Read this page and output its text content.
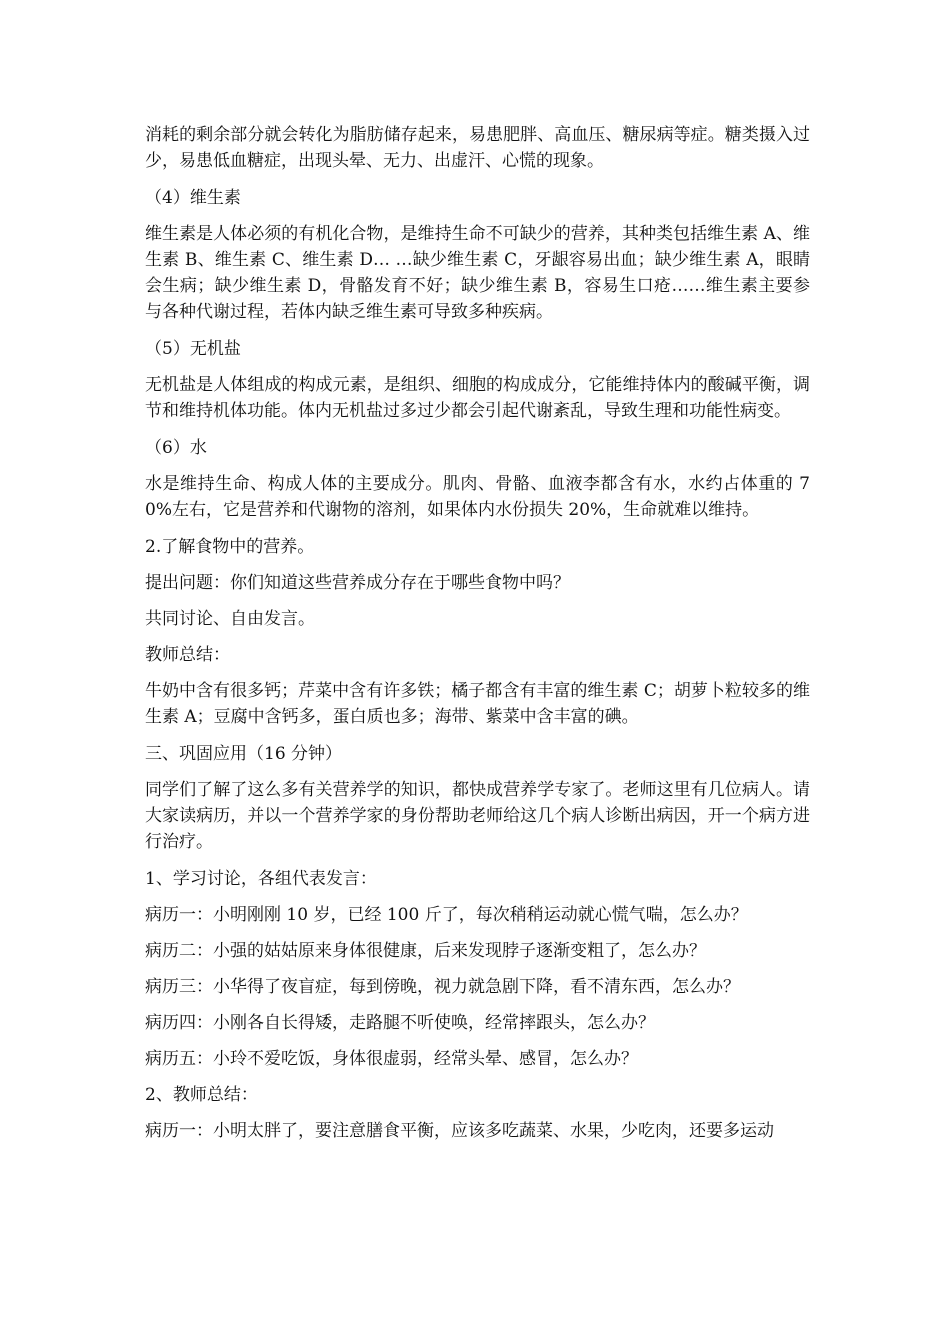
消耗的剩余部分就会转化为脂肪储存起来，易患肥胖、高血压、糖尿病等症。糖类摄入过少，易患低血糖症，出现头晕、无力、出虚汗、心慌的现象。

（4）维生素

维生素是人体必须的有机化合物，是维持生命不可缺少的营养，其种类包括维生素 A、维生素 B、维生素 C、维生素 D… …缺少维生素 C，牙龈容易出血；缺少维生素 A，眼睛会生病；缺少维生素 D，骨骼发育不好；缺少维生素 B，容易生口疮……维生素主要参与各种代谢过程，若体内缺乏维生素可导致多种疾病。

（5）无机盐

无机盐是人体组成的构成元素，是组织、细胞的构成成分，它能维持体内的酸碱平衡，调节和维持机体功能。体内无机盐过多过少都会引起代谢紊乱，导致生理和功能性病变。

（6）水

水是维持生命、构成人体的主要成分。肌肉、骨骼、血液李都含有水，水约占体重的 70%左右，它是营养和代谢物的溶剂，如果体内水份损失 20%，生命就难以维持。

2.了解食物中的营养。

提出问题：你们知道这些营养成分存在于哪些食物中吗？

共同讨论、自由发言。

教师总结：

牛奶中含有很多钙；芹菜中含有许多铁；橘子都含有丰富的维生素 C；胡萝卜粒较多的维生素 A；豆腐中含钙多，蛋白质也多；海带、紫菜中含丰富的碘。

三、巩固应用（16 分钟）

同学们了解了这么多有关营养学的知识，都快成营养学专家了。老师这里有几位病人。请大家读病历，并以一个营养学家的身份帮助老师给这几个病人诊断出病因，开一个病方进行治疗。

1、学习讨论，各组代表发言：

病历一：小明刚刚 10 岁，已经 100 斤了，每次稍稍运动就心慌气喘，怎么办？

病历二：小强的姑姑原来身体很健康，后来发现脖子逐渐变粗了，怎么办？

病历三：小华得了夜盲症，每到傍晚，视力就急剧下降，看不清东西，怎么办？

病历四：小刚各自长得矮，走路腿不听使唤，经常摔跟头，怎么办？

病历五：小玲不爱吃饭，身体很虚弱，经常头晕、感冒，怎么办？

2、教师总结：

病历一：小明太胖了，要注意膳食平衡，应该多吃蔬菜、水果，少吃肉，还要多运动
